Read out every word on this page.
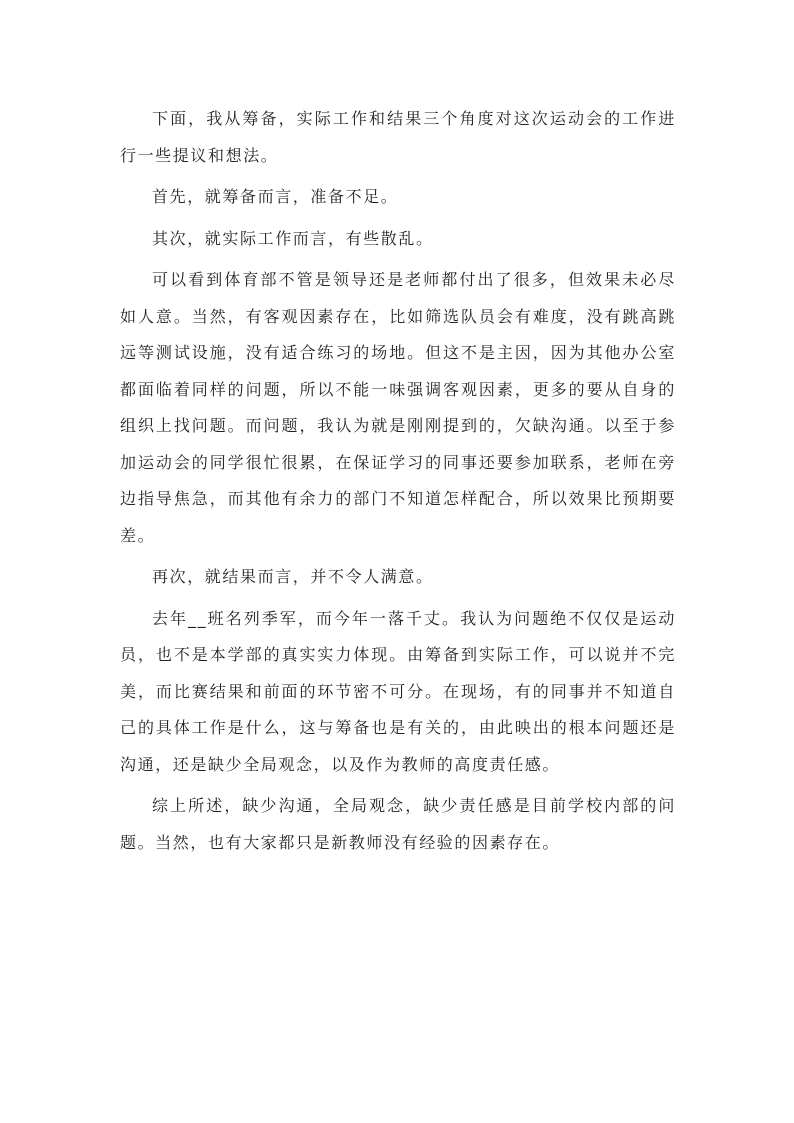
下面，我从筹备，实际工作和结果三个角度对这次运动会的工作进行一些提议和想法。

首先，就筹备而言，准备不足。

其次，就实际工作而言，有些散乱。

可以看到体育部不管是领导还是老师都付出了很多，但效果未必尽如人意。当然，有客观因素存在，比如筛选队员会有难度，没有跳高跳远等测试设施，没有适合练习的场地。但这不是主因，因为其他办公室都面临着同样的问题，所以不能一味强调客观因素，更多的要从自身的组织上找问题。而问题，我认为就是刚刚提到的，欠缺沟通。以至于参加运动会的同学很忙很累，在保证学习的同事还要参加联系，老师在旁边指导焦急，而其他有余力的部门不知道怎样配合，所以效果比预期要差。

再次，就结果而言，并不令人满意。

去年__班名列季军，而今年一落千丈。我认为问题绝不仅仅是运动员，也不是本学部的真实实力体现。由筹备到实际工作，可以说并不完美，而比赛结果和前面的环节密不可分。在现场，有的同事并不知道自己的具体工作是什么，这与筹备也是有关的，由此映出的根本问题还是沟通，还是缺少全局观念，以及作为教师的高度责任感。

综上所述，缺少沟通，全局观念，缺少责任感是目前学校内部的问题。当然，也有大家都只是新教师没有经验的因素存在。
